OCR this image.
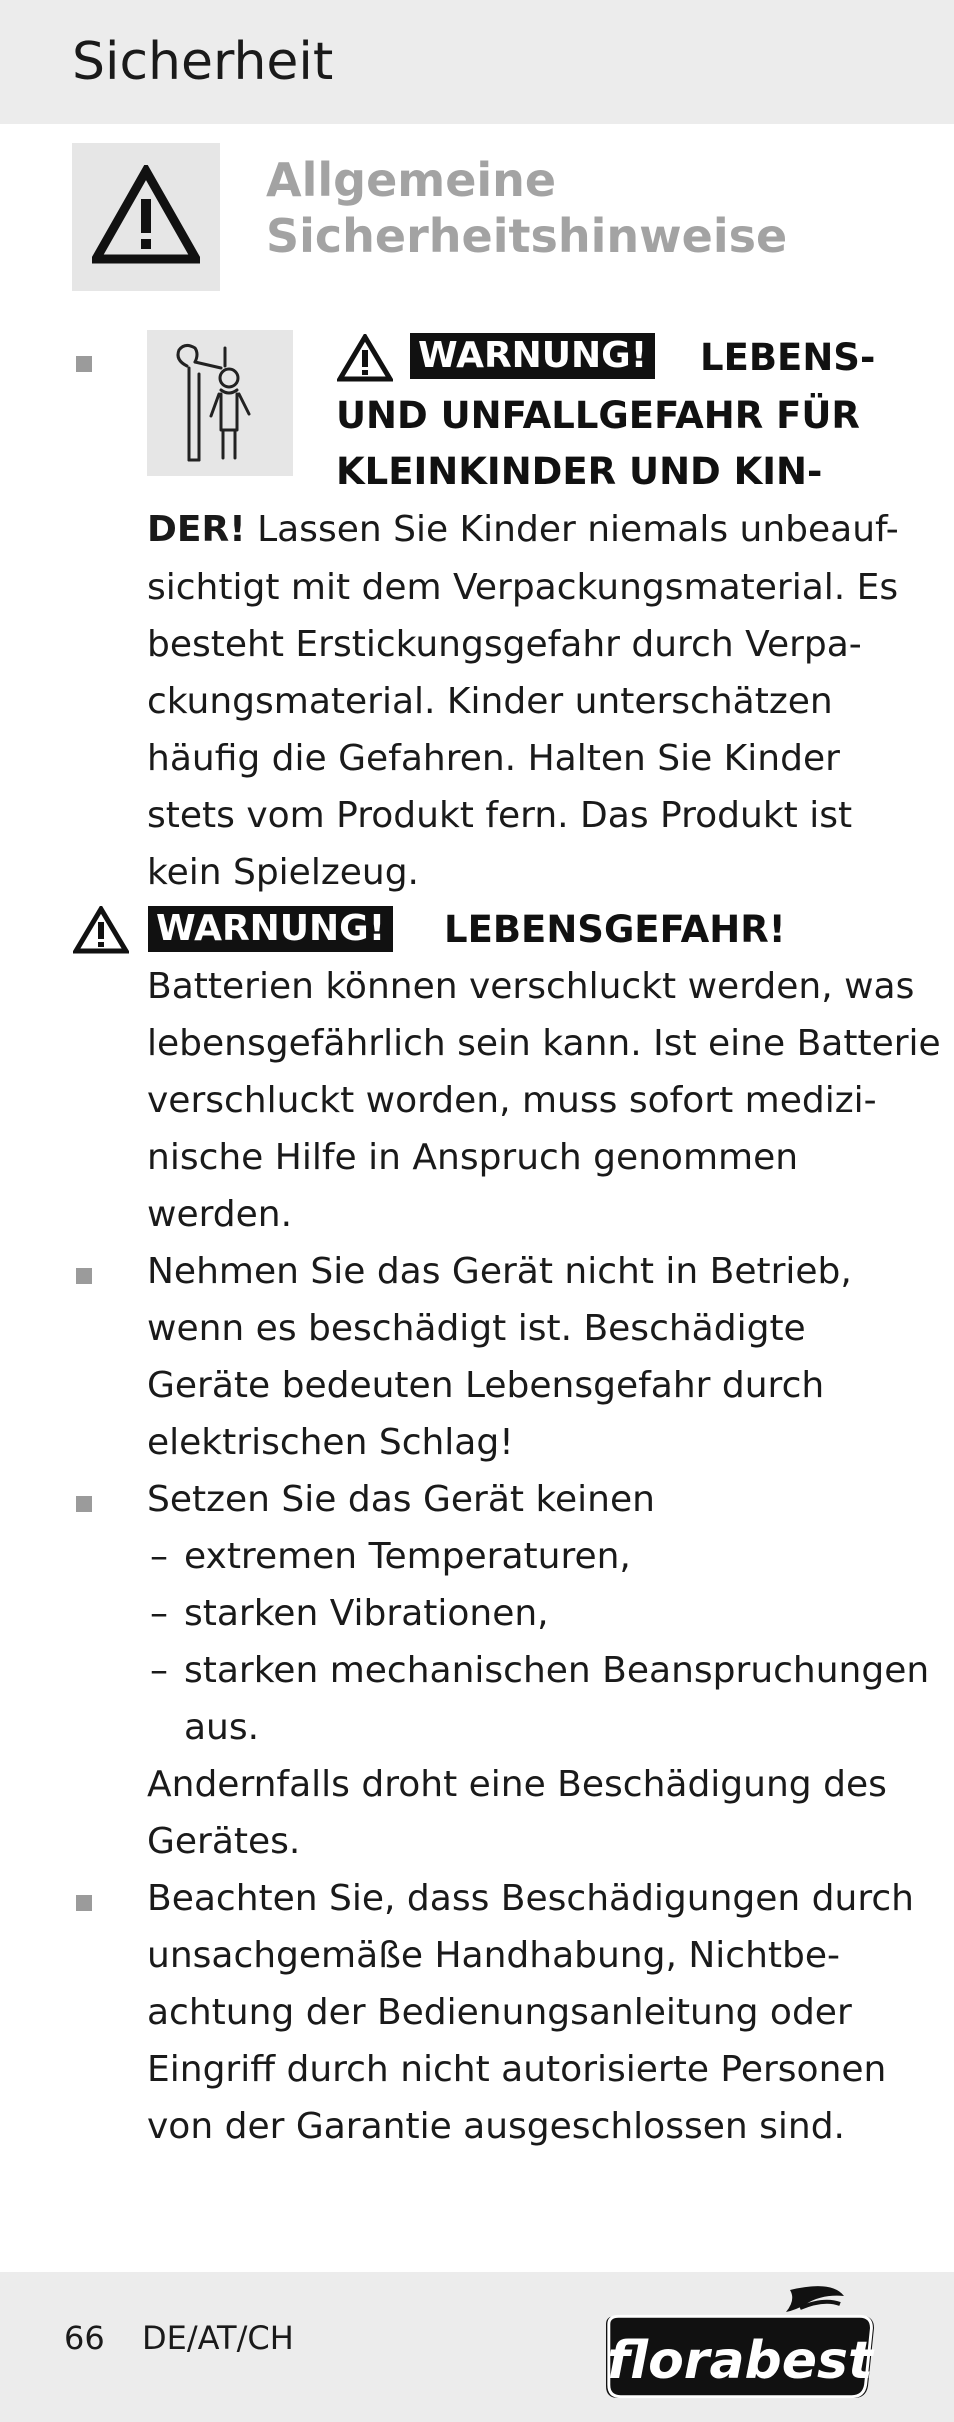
Sicherheit
Allgemeine
Sicherheitshinweise
WARNUNG! LEBENS-
UND UNFALLGEFAHR FÜR
KLEINKINDER UND KIN-
DER! Lassen Sie Kinder niemals unbeauf-
sichtigt mit dem Verpackungsmaterial. Es
besteht Erstickungsgefahr durch Verpa-
ckungsmaterial. Kinder unterschätzen
häufig die Gefahren. Halten Sie Kinder
stets vom Produkt fern. Das Produkt ist
kein Spielzeug.
WARNUNG! LEBENSGEFAHR!
Batterien können verschluckt werden, was
lebensgefährlich sein kann. Ist eine Batterie
verschluckt worden, muss sofort medizi-
nische Hilfe in Anspruch genommen
werden.
Nehmen Sie das Gerät nicht in Betrieb,
wenn es beschädigt ist. Beschädigte
Geräte bedeuten Lebensgefahr durch
elektrischen Schlag!
Setzen Sie das Gerät keinen
– extremen Temperaturen,
– starken Vibrationen,
– starken mechanischen Beanspruchungen
aus.
Andernfalls droht eine Beschädigung des
Gerätes.
Beachten Sie, dass Beschädigungen durch
unsachgemäße Handhabung, Nichtbe-
achtung der Bedienungsanleitung oder
Eingriff durch nicht autorisierte Personen
von der Garantie ausgeschlossen sind.
66 DE/AT/CH	florabest
